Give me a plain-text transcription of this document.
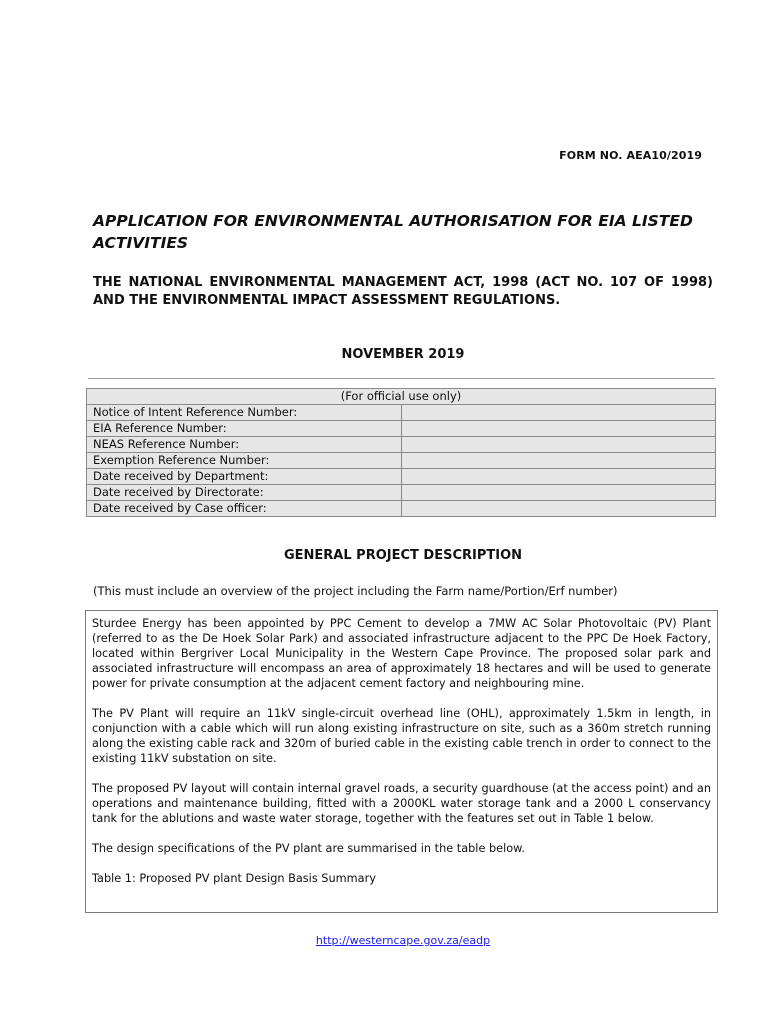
FORM NO. AEA10/2019
APPLICATION FOR ENVIRONMENTAL AUTHORISATION FOR EIA LISTED ACTIVITIES

THE NATIONAL ENVIRONMENTAL MANAGEMENT ACT, 1998 (ACT NO. 107 OF 1998) AND THE ENVIRONMENTAL IMPACT ASSESSMENT REGULATIONS.

NOVEMBER 2019
(For official use only)	
Notice of Intent Reference Number:	
EIA Reference Number:	
NEAS Reference Number:	
Exemption Reference Number:	
Date received by Department:	
Date received by Directorate:	
Date received by Case officer:	
GENERAL PROJECT DESCRIPTION
(This must include an overview of the project including the Farm name/Portion/Erf number)

Sturdee Energy has been appointed by PPC Cement to develop a 7MW AC Solar Photovoltaic (PV) Plant (referred to as the De Hoek Solar Park) and associated infrastructure adjacent to the PPC De Hoek Factory, located within Bergriver Local Municipality in the Western Cape Province. The proposed solar park and associated infrastructure will encompass an area of approximately 18 hectares and will be used to generate power for private consumption at the adjacent cement factory and neighbouring mine.

The PV Plant will require an 11kV single-circuit overhead line (OHL), approximately 1.5km in length, in conjunction with a cable which will run along existing infrastructure on site, such as a 360m stretch running along the existing cable rack and 320m of buried cable in the existing cable trench in order to connect to the existing 11kV substation on site.

The proposed PV layout will contain internal gravel roads, a security guardhouse (at the access point) and an operations and maintenance building, fitted with a 2000KL water storage tank and a 2000 L conservancy tank for the ablutions and waste water storage, together with the features set out in Table 1 below.

The design specifications of the PV plant are summarised in the table below.

Table 1: Proposed PV plant Design Basis Summary

http://westerncape.gov.za/eadp
